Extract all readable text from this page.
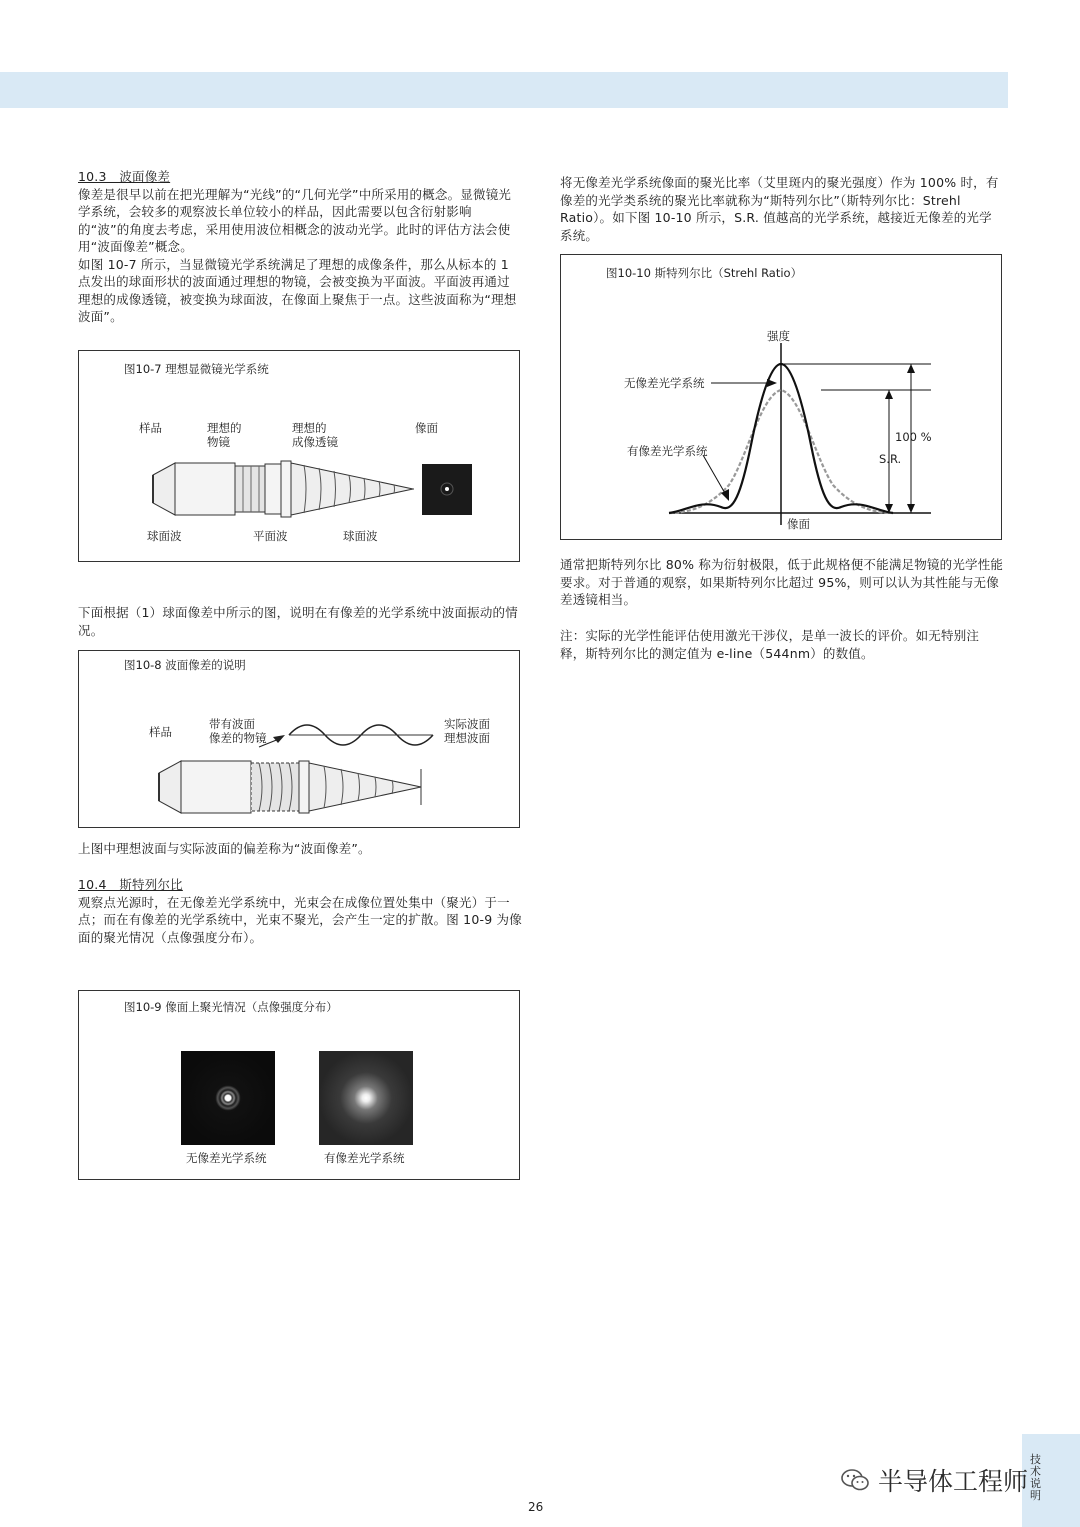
10.3　波面像差

像差是很早以前在把光理解为“光线”的“几何光学”中所采用的概念。显微镜光学系统，会较多的观察波长单位较小的样品，因此需要以包含衍射影响的“波”的角度去考虑，采用使用波位相概念的波动光学。此时的评估方法会使用“波面像差”概念。

如图 10-7 所示，当显微镜光学系统满足了理想的成像条件，那么从标本的 1 点发出的球面形状的波面通过理想的物镜，会被变换为平面波。平面波再通过理想的成像透镜，被变换为球面波，在像面上聚焦于一点。这些波面称为“理想波面”。

图10-7 理想显微镜光学系统
样品	理想的
物镜
理想的
成像透镜
像面
球面波	平面波	球面波

下面根据（1）球面像差中所示的图，说明在有像差的光学系统中波面振动的情况。

图10-8 波面像差的说明
样品
带有波面
像差的物镜
实际波面
理想波面

上图中理想波面与实际波面的偏差称为“波面像差”。

10.4　斯特列尔比

观察点光源时，在无像差光学系统中，光束会在成像位置处集中（聚光）于一点；而在有像差的光学系统中，光束不聚光，会产生一定的扩散。图 10-9 为像面的聚光情况（点像强度分布）。

图10-9 像面上聚光情况（点像强度分布）
无像差光学系统	有像差光学系统

将无像差光学系统像面的聚光比率（艾里斑内的聚光强度）作为 100% 时，有像差的光学类系统的聚光比率就称为“斯特列尔比”（斯特列尔比：Strehl Ratio）。如下图 10-10 所示，S.R. 值越高的光学系统，越接近无像差的光学系统。

图10-10 斯特列尔比（Strehl Ratio）
强度
无像差光学系统
有像差光学系统
100 %
S.R.
像面

通常把斯特列尔比 80% 称为衍射极限，低于此规格便不能满足物镜的光学性能要求。对于普通的观察，如果斯特列尔比超过 95%，则可以认为其性能与无像差透镜相当。

注：实际的光学性能评估使用激光干涉仪，是单一波长的评价。如无特别注释，斯特列尔比的测定值为 e-line（544nm）的数值。

26
技术说明
半导体工程师
